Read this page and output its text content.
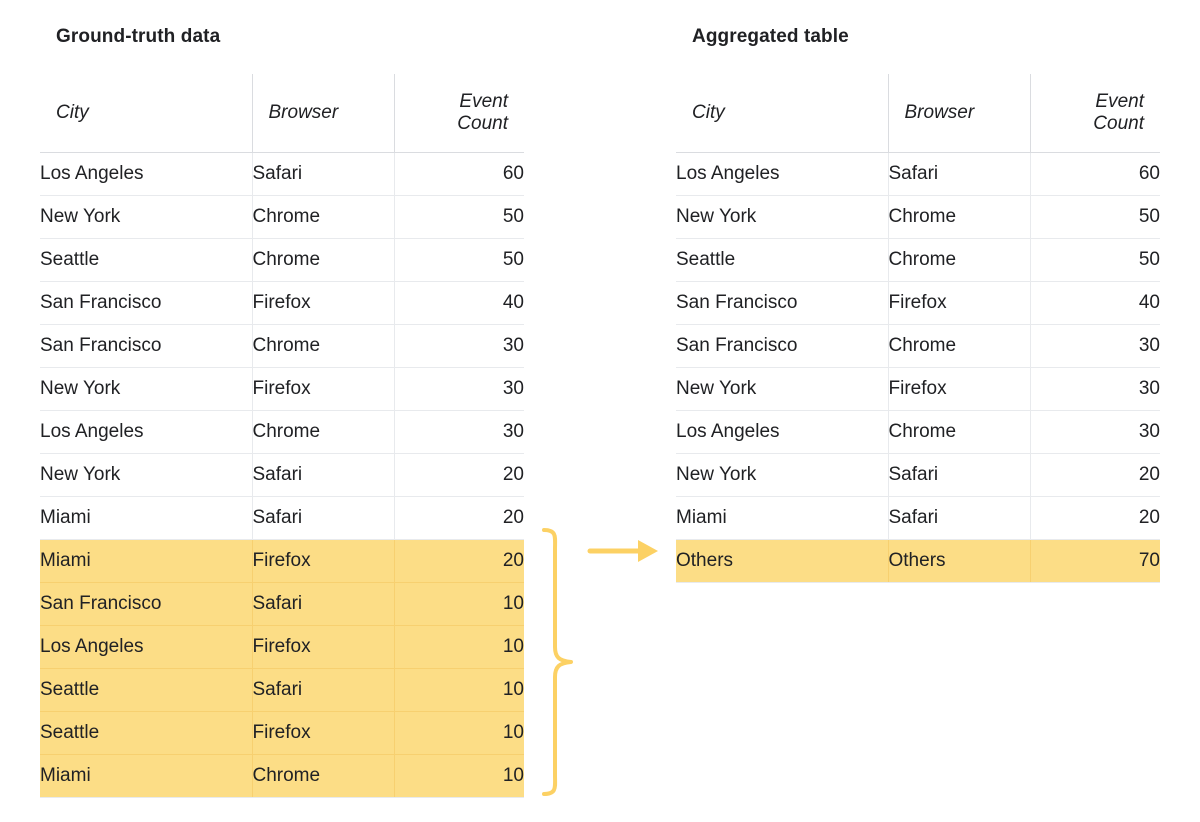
Ground-truth data
City	Browser	Event
Count

Los Angeles	Safari	60
New York	Chrome	50
Seattle	Chrome	50
San Francisco	Firefox	40
San Francisco	Chrome	30
New York	Firefox	30
Los Angeles	Chrome	30
New York	Safari	20
Miami	Safari	20
Miami	Firefox	20
San Francisco	Safari	10
Los Angeles	Firefox	10
Seattle	Safari	10
Seattle	Firefox	10
Miami	Chrome	10
Aggregated table
City	Browser	Event
Count

Los Angeles	Safari	60
New York	Chrome	50
Seattle	Chrome	50
San Francisco	Firefox	40
San Francisco	Chrome	30
New York	Firefox	30
Los Angeles	Chrome	30
New York	Safari	20
Miami	Safari	20
Others	Others	70
